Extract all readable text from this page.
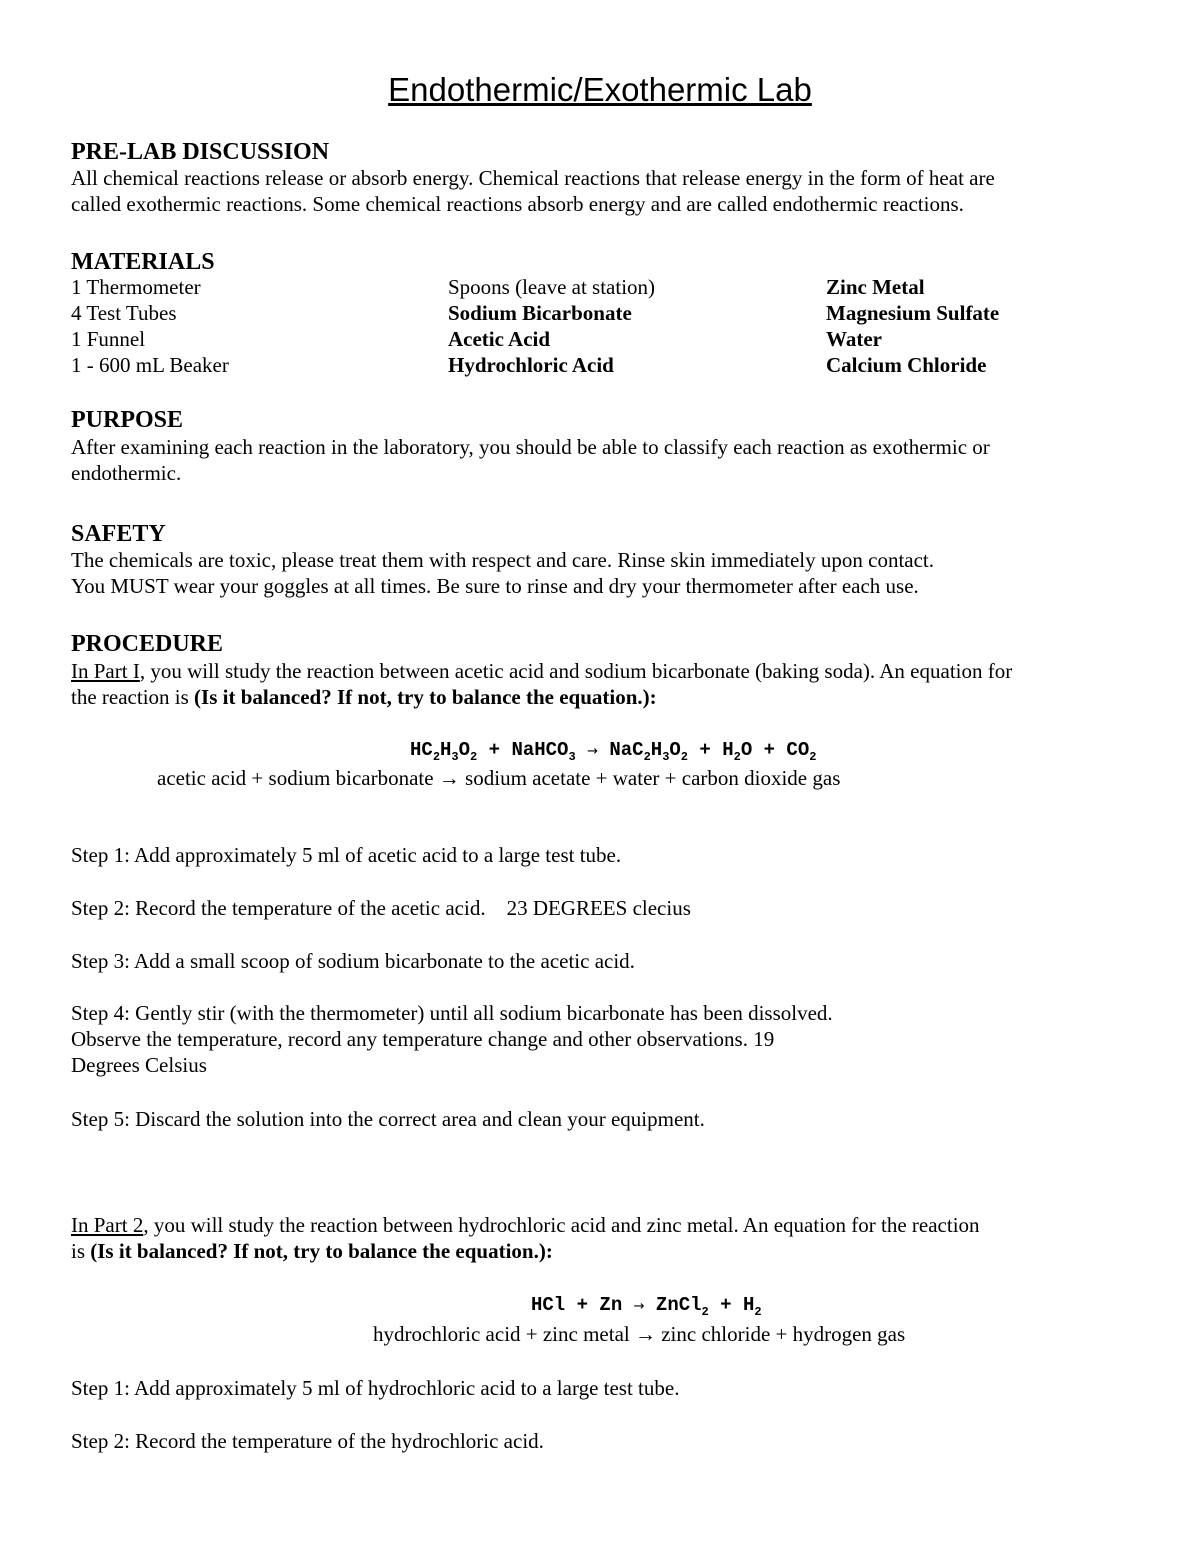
Endothermic/Exothermic Lab
PRE-LAB DISCUSSION

All chemical reactions release or absorb energy. Chemical reactions that release energy in the form of heat are

called exothermic reactions. Some chemical reactions absorb energy and are called endothermic reactions.

MATERIALS
1 Thermometer
4 Test Tubes
1 Funnel
1 - 600 mL Beaker
Spoons (leave at station)
Sodium Bicarbonate
Acetic Acid
Hydrochloric Acid
Zinc Metal
Magnesium Sulfate
Water
Calcium Chloride
PURPOSE

After examining each reaction in the laboratory, you should be able to classify each reaction as exothermic or

endothermic.

SAFETY

The chemicals are toxic, please treat them with respect and care. Rinse skin immediately upon contact.

You MUST wear your goggles at all times. Be sure to rinse and dry your thermometer after each use.

PROCEDURE

In Part I, you will study the reaction between acetic acid and sodium bicarbonate (baking soda). An equation for

the reaction is (Is it balanced? If not, try to balance the equation.):

$HC_2H_3O_2$ + NaHCO$_3$ → $NaC_2H_3O_2 + H_2O + CO_2$
acetic acid + sodium bicarbonate → sodium acetate + water + carbon dioxide gas

Step 1: Add approximately 5 ml of acetic acid to a large test tube.

Step 2: Record the temperature of the acetic acid.    23 DEGREES clecius

Step 3: Add a small scoop of sodium bicarbonate to the acetic acid.

Step 4: Gently stir (with the thermometer) until all sodium bicarbonate has been dissolved.

Observe the temperature, record any temperature change and other observations. 19

Degrees Celsius

Step 5: Discard the solution into the correct area and clean your equipment.

In Part 2, you will study the reaction between hydrochloric acid and zinc metal. An equation for the reaction

is (Is it balanced? If not, try to balance the equation.):

HCl + Zn → ZnCl$_2$ + $H_2$
hydrochloric acid + zinc metal → zinc chloride + hydrogen gas

Step 1: Add approximately 5 ml of hydrochloric acid to a large test tube.

Step 2: Record the temperature of the hydrochloric acid.
